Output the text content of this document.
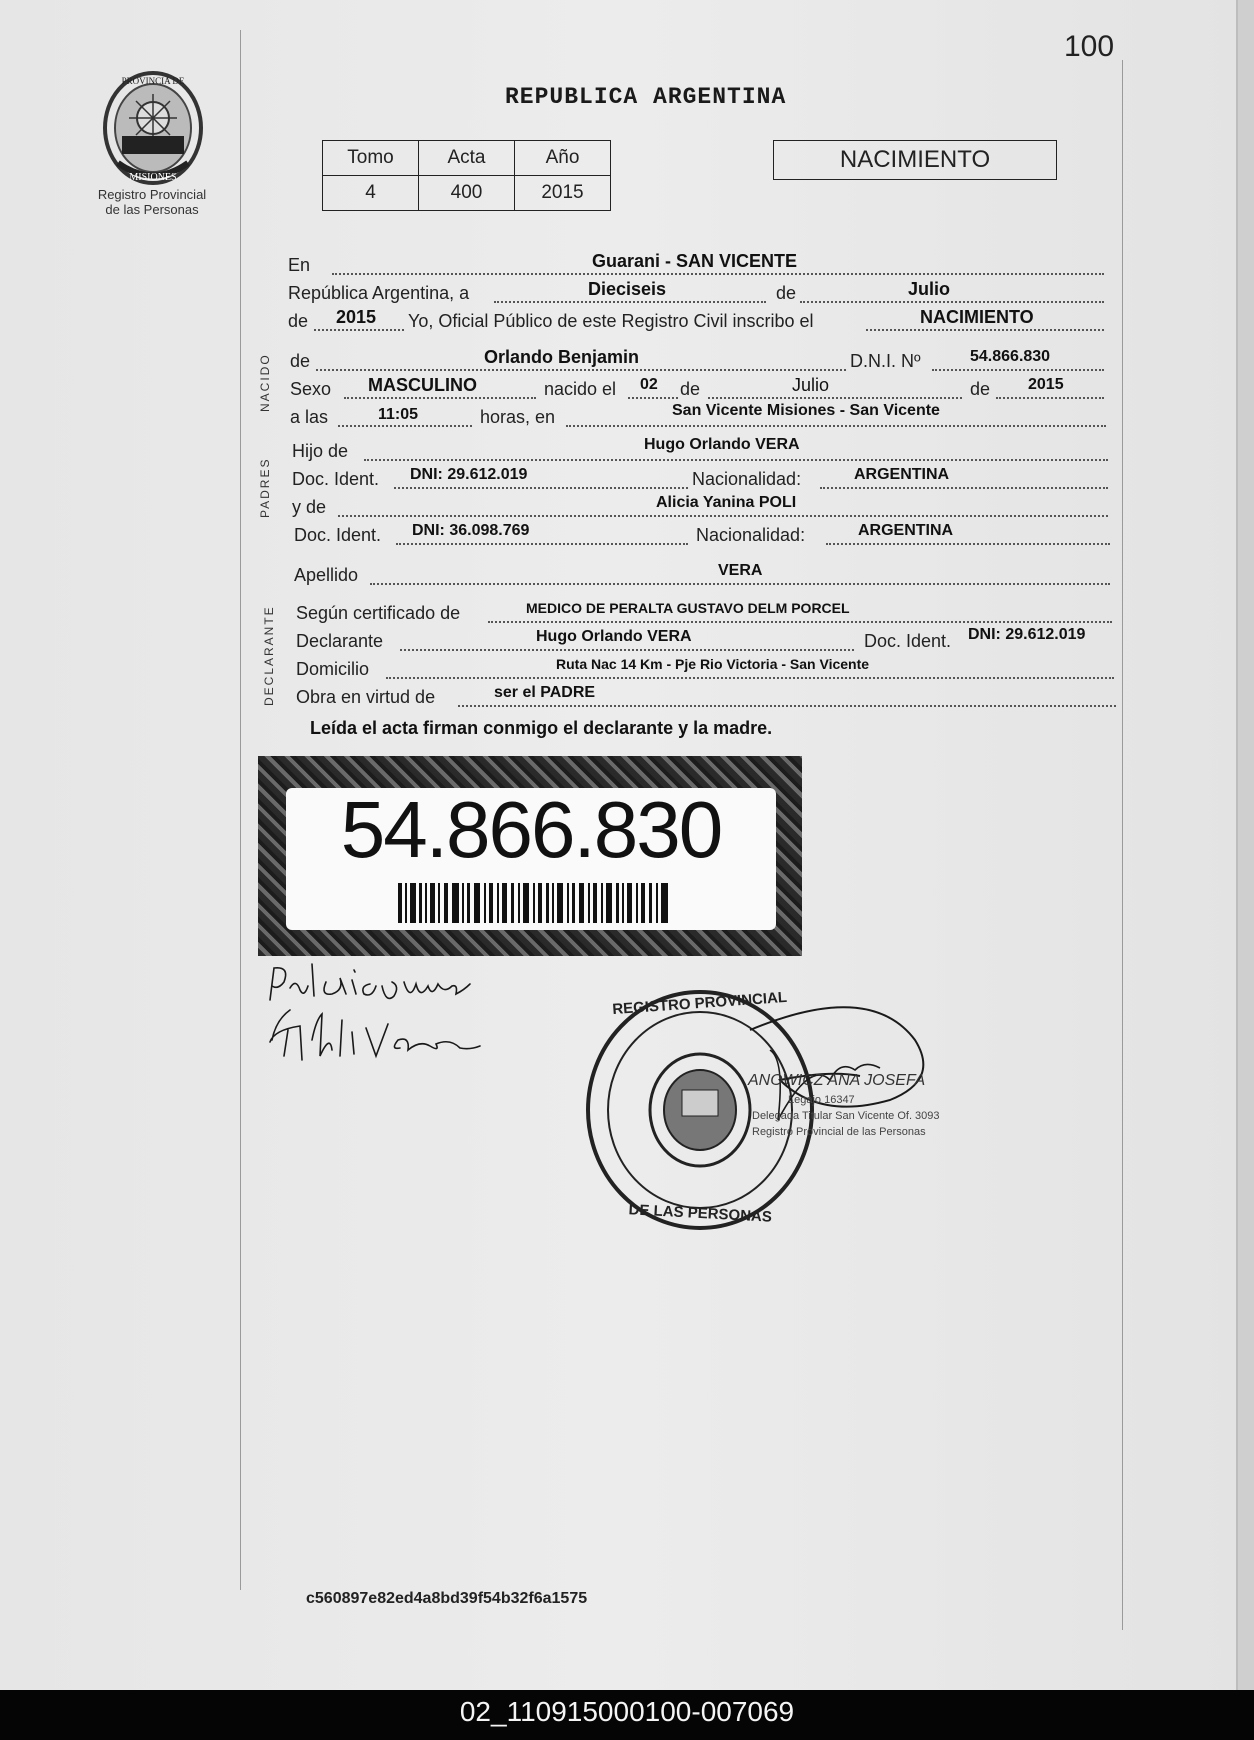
100
PROVINCIA DE
MISIONES
Registro Provincial
de las Personas
REPUBLICA ARGENTINA
Tomo	Acta	Año
4	400	2015
NACIMIENTO
NACIDO
PADRES
DECLARANTE
En	Guarani - SAN VICENTE
República Argentina, a	Dieciseis	de	Julio
de 2015 Yo, Oficial Público de este Registro Civil inscribo el	NACIMIENTO
de	Orlando Benjamin	D.N.I. Nº	54.866.830
Sexo MASCULINO	nacido el 02 de	Julio	de 2015
a las	11:05	horas, en	San Vicente Misiones - San Vicente
Hijo de	Hugo Orlando VERA
Doc. Ident. DNI: 29.612.019	Nacionalidad:	ARGENTINA
y de	Alicia Yanina POLI
Doc. Ident. DNI: 36.098.769	Nacionalidad:	ARGENTINA
Apellido	VERA
Según certificado de	MEDICO DE PERALTA GUSTAVO DELM PORCEL
Declarante	Hugo Orlando VERA	Doc. Ident. DNI: 29.612.019
Domicilio	Ruta Nac 14 Km - Pje Rio Victoria - San Vicente
Obra en virtud de	ser el PADRE
Leída el acta firman conmigo el declarante y la madre.
54.866.830
REGISTRO PROVINCIAL
DE LAS PERSONAS
ANOWICZ ANA JOSEFA
Legajo 16347
Delegada Titular San Vicente Of. 3093
Registro Provincial de las Personas
c560897e82ed4a8bd39f54b32f6a1575
02_110915000100-007069
